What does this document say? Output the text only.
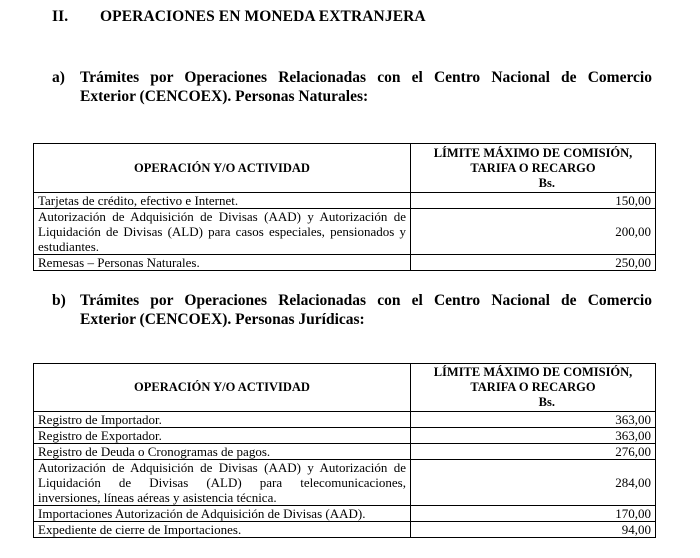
II. OPERACIONES EN MONEDA EXTRANJERA
a) Trámites por Operaciones Relacionadas con el Centro Nacional de Comercio
Exterior (CENCOEX). Personas Naturales:
OPERACIÓN Y/O ACTIVIDAD	LÍMITE MÁXIMO DE COMISIÓN,
TARIFA O RECARGO
Bs.

Tarjetas de crédito, efectivo e Internet.	150,00

Autorización de Adquisición de Divisas (AAD) y Autorización de
Liquidación de Divisas (ALD) para casos especiales, pensionados y
estudiantes.	200,00

Remesas – Personas Naturales.	250,00
b) Trámites por Operaciones Relacionadas con el Centro Nacional de Comercio
Exterior (CENCOEX). Personas Jurídicas:
OPERACIÓN Y/O ACTIVIDAD	LÍMITE MÁXIMO DE COMISIÓN,
TARIFA O RECARGO
Bs.

Registro de Importador.	363,00

Registro de Exportador.	363,00

Registro de Deuda o Cronogramas de pagos.	276,00

Autorización de Adquisición de Divisas (AAD) y Autorización de
Liquidación de Divisas (ALD) para telecomunicaciones,
inversiones, líneas aéreas y asistencia técnica.	284,00

Importaciones Autorización de Adquisición de Divisas (AAD).	170,00

Expediente de cierre de Importaciones.	94,00
